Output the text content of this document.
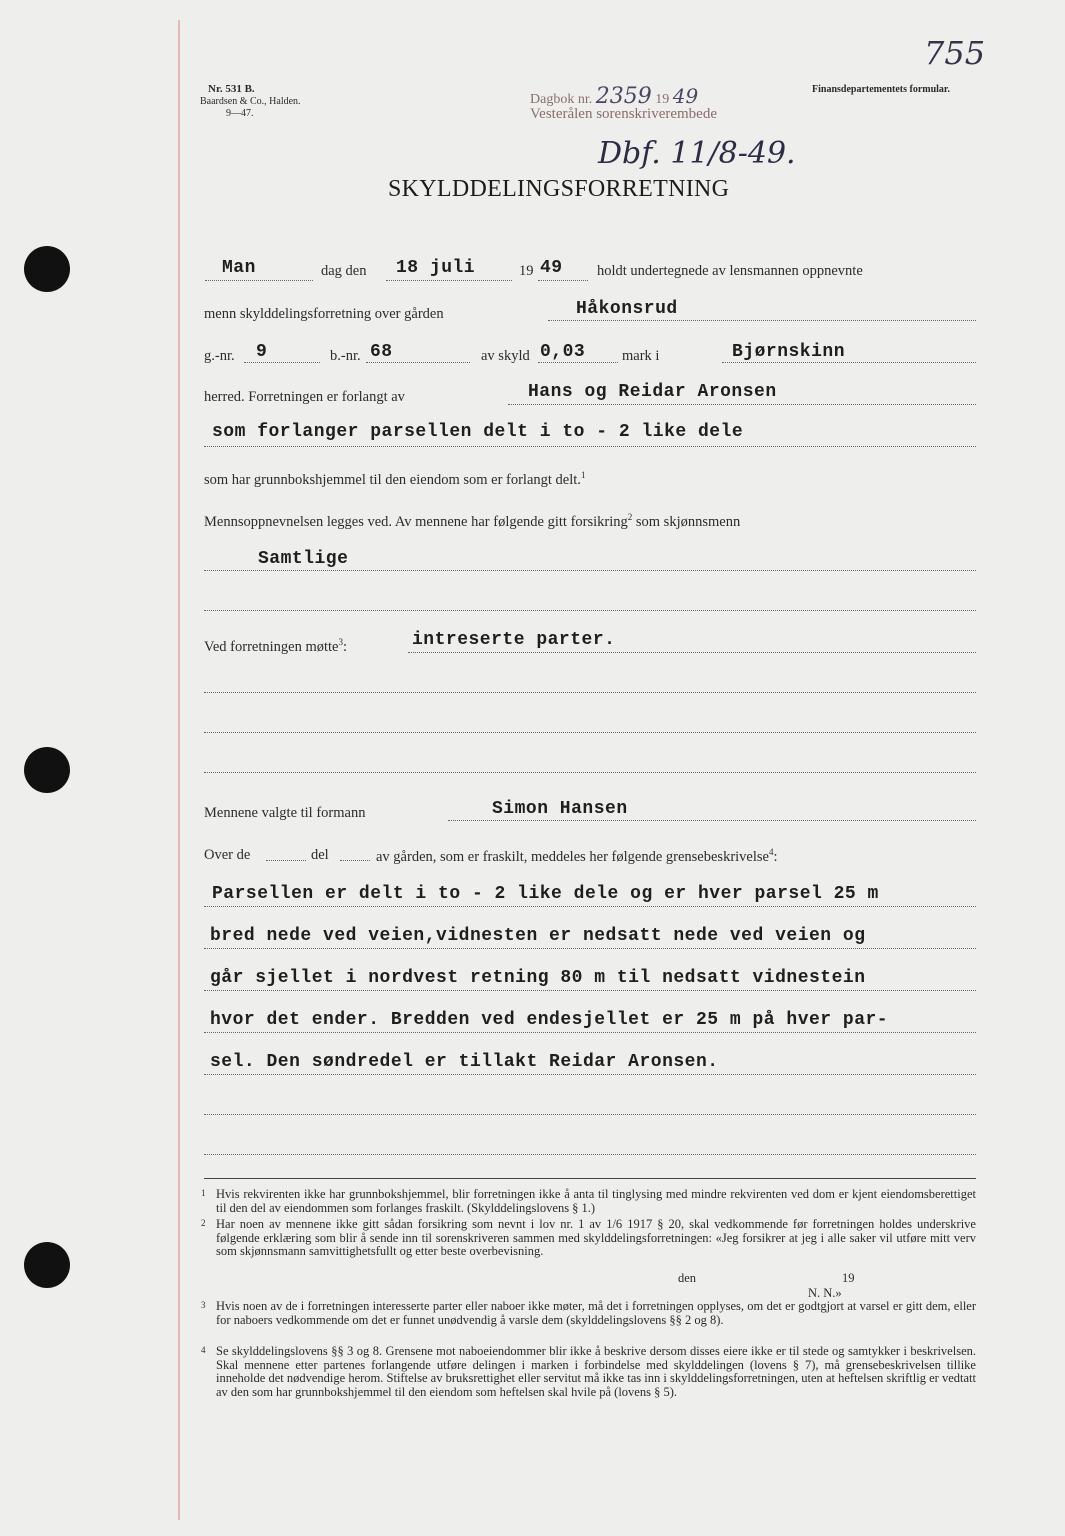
Nr. 531 B.
Baardsen & Co., Halden.
9—47.
Dagbok nr. 2359 19 49
Vesterålen sorenskriverembede
Finansdepartementets formular.
755
Dbf. 11/8-49.
SKYLDDELINGSFORRETNING
Man	dag den 18 juli	19 49 holdt undertegnede av lensmannen oppnevnte
menn skylddelingsforretning over gården	Håkonsrud
g.-nr. 9	b.-nr. 68	av skyld 0,03	mark i	Bjørnskinn
herred. Forretningen er forlangt av	Hans og Reidar Aronsen
som forlanger parsellen delt i to - 2 like dele
som har grunnbokshjemmel til den eiendom som er forlangt delt.$^1$
Mennsoppnevnelsen legges ved. Av mennene har følgende gitt forsikring$^2$ som skjønnsmenn
Samtlige
Ved forretningen møtte$^3$:	intreserte parter.
Mennene valgte til formann	Simon Hansen
Over de	del	av gården, som er fraskilt, meddeles her følgende grensebeskrivelse$^4$:
Parsellen er delt i to - 2 like dele og er hver parsel 25 m
bred nede ved veien,vidnesten er nedsatt nede ved veien og
går sjellet i nordvest retning 80 m til nedsatt vidnestein
hvor det ender. Bredden ved endesjellet er 25 m på hver par-
sel. Den søndredel er tillakt Reidar Aronsen.
1 Hvis rekvirenten ikke har grunnbokshjemmel, blir forretningen ikke å anta til tinglysing med mindre rekvirenten ved dom er kjent eiendomsberettiget til den del av eiendommen som forlanges fraskilt. (Skylddelingslovens § 1.)
2 Har noen av mennene ikke gitt sådan forsikring som nevnt i lov nr. 1 av 1/6 1917 § 20, skal vedkommende før forretningen holdes underskrive følgende erklæring som blir å sende inn til sorenskriveren sammen med skylddelingsforretningen: «Jeg forsikrer at jeg i alle saker vil utføre mitt verv som skjønnsmann samvittighetsfullt og etter beste overbevisning.
den	19
N. N.»
3 Hvis noen av de i forretningen interesserte parter eller naboer ikke møter, må det i forretningen opplyses, om det er godtgjort at varsel er gitt dem, eller for naboers vedkommende om det er funnet unødvendig å varsle dem (skylddelingslovens §§ 2 og 8).
4 Se skylddelingslovens §§ 3 og 8. Grensene mot naboeiendommer blir ikke å beskrive dersom disses eiere ikke er til stede og samtykker i beskrivelsen. Skal mennene etter partenes forlangende utføre delingen i marken i forbindelse med skylddelingen (lovens § 7), må grensebeskrivelsen tillike inneholde det nødvendige herom. Stiftelse av bruksrettighet eller servitut må ikke tas inn i skylddelingsforretningen, uten at heftelsen skriftlig er vedtatt av den som har grunnbokshjemmel til den eiendom som heftelsen skal hvile på (lovens § 5).
